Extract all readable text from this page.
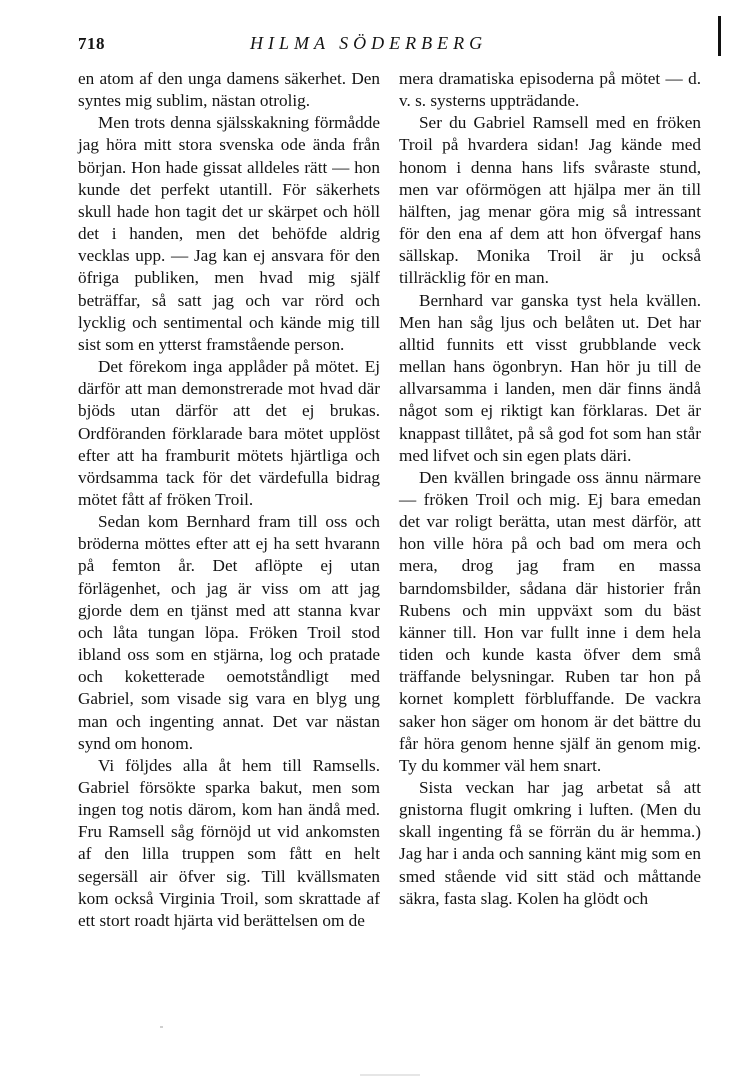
718	HILMA SÖDERBERG

en atom af den unga damens säkerhet. Den syntes mig sublim, nästan otrolig.

Men trots denna själsskakning förmådde jag höra mitt stora svenska ode ända från början. Hon hade gissat alldeles rätt — hon kunde det perfekt utantill. För säkerhets skull hade hon tagit det ur skärpet och höll det i handen, men det behöfde aldrig vecklas upp. — Jag kan ej ansvara för den öfriga publiken, men hvad mig själf beträffar, så satt jag och var rörd och lycklig och sentimental och kände mig till sist som en ytterst framstående person.

Det förekom inga applåder på mötet. Ej därför att man demonstrerade mot hvad där bjöds utan därför att det ej brukas. Ordföranden förklarade bara mötet upplöst efter att ha framburit mötets hjärtliga och vördsamma tack för det värdefulla bidrag mötet fått af fröken Troil.

Sedan kom Bernhard fram till oss och bröderna möttes efter att ej ha sett hvarann på femton år. Det aflöpte ej utan förlägenhet, och jag är viss om att jag gjorde dem en tjänst med att stanna kvar och låta tungan löpa. Fröken Troil stod ibland oss som en stjärna, log och pratade och koketterade oemotståndligt med Gabriel, som visade sig vara en blyg ung man och ingenting annat. Det var nästan synd om honom.

Vi följdes alla åt hem till Ramsells. Gabriel försökte sparka bakut, men som ingen tog notis därom, kom han ändå med. Fru Ramsell såg förnöjd ut vid ankomsten af den lilla truppen som fått en helt segersäll air öfver sig. Till kvällsmaten kom också Virginia Troil, som skrattade af ett stort roadt hjärta vid berättelsen om de

mera dramatiska episoderna på mötet — d. v. s. systerns uppträdande.

Ser du Gabriel Ramsell med en fröken Troil på hvardera sidan! Jag kände med honom i denna hans lifs svåraste stund, men var oförmögen att hjälpa mer än till hälften, jag menar göra mig så intressant för den ena af dem att hon öfvergaf hans sällskap. Monika Troil är ju också tillräcklig för en man.

Bernhard var ganska tyst hela kvällen. Men han såg ljus och belåten ut. Det har alltid funnits ett visst grubblande veck mellan hans ögonbryn. Han hör ju till de allvarsamma i landen, men där finns ändå något som ej riktigt kan förklaras. Det är knappast tillåtet, på så god fot som han står med lifvet och sin egen plats däri.

Den kvällen bringade oss ännu närmare — fröken Troil och mig. Ej bara emedan det var roligt berätta, utan mest därför, att hon ville höra på och bad om mera och mera, drog jag fram en massa barndomsbilder, sådana där historier från Rubens och min uppväxt som du bäst känner till. Hon var fullt inne i dem hela tiden och kunde kasta öfver dem små träffande belysningar. Ruben tar hon på kornet komplett förbluffande. De vackra saker hon säger om honom är det bättre du får höra genom henne själf än genom mig. Ty du kommer väl hem snart.

Sista veckan har jag arbetat så att gnistorna flugit omkring i luften. (Men du skall ingenting få se förrän du är hemma.) Jag har i anda och sanning känt mig som en smed stående vid sitt städ och måttande säkra, fasta slag. Kolen ha glödt och
